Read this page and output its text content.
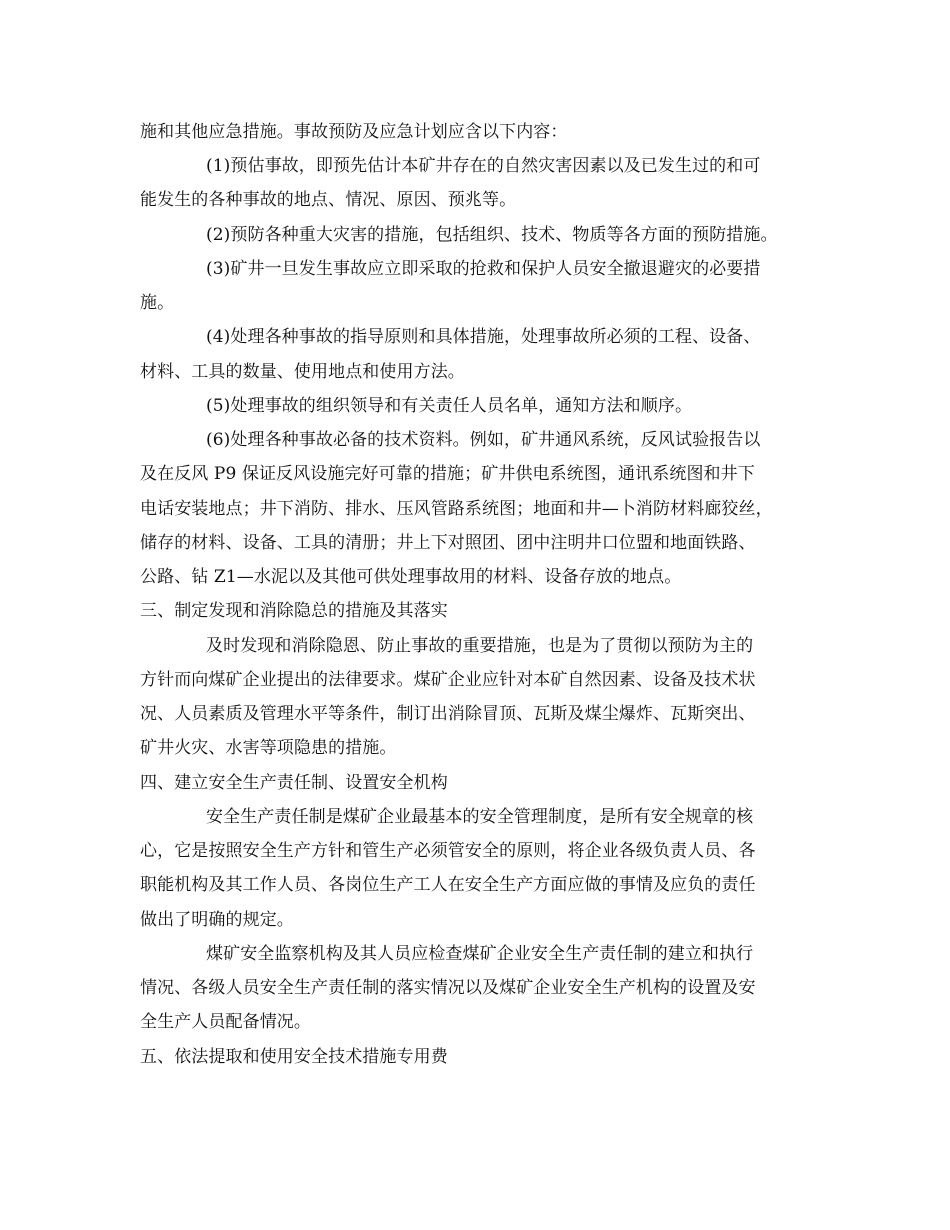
施和其他应急措施。事故预防及应急计划应含以下内容：
(1)预估事故，即预先估计本矿井存在的自然灾害因素以及已发生过的和可
能发生的各种事故的地点、情况、原因、预兆等。
(2)预防各种重大灾害的措施，包括组织、技术、物质等各方面的预防措施。
(3)矿井一旦发生事故应立即采取的抢救和保护人员安全撤退避灾的必要措
施。
(4)处理各种事故的指导原则和具体措施，处理事故所必须的工程、设备、
材料、工具的数量、使用地点和使用方法。
(5)处理事故的组织领导和有关责任人员名单，通知方法和顺序。
(6)处理各种事故必备的技术资料。例如，矿井通风系统，反风试验报告以
及在反风 P9 保证反风设施完好可靠的措施；矿井供电系统图，通讯系统图和井下
电话安装地点；井下消防、排水、压风管路系统图；地面和井—卜消防材料廊狡丝，
储存的材料、设备、工具的清册；井上下对照团、团中注明井口位盟和地面铁路、
公路、钻 Z1—水泥以及其他可供处理事故用的材料、设备存放的地点。
三、制定发现和消除隐总的措施及其落实
及时发现和消除隐恩、防止事故的重要措施，也是为了贯彻以预防为主的
方针而向煤矿企业提出的法律要求。煤矿企业应针对本矿自然因素、设备及技术状
况、人员素质及管理水平等条件，制订出消除冒顶、瓦斯及煤尘爆炸、瓦斯突出、
矿井火灾、水害等项隐患的措施。
四、建立安全生产责任制、设置安全机构
安全生产责任制是煤矿企业最基本的安全管理制度，是所有安全规章的核
心，它是按照安全生产方针和管生产必须管安全的原则，将企业各级负责人员、各
职能机构及其工作人员、各岗位生产工人在安全生产方面应做的事情及应负的责任
做出了明确的规定。
煤矿安全监察机构及其人员应检查煤矿企业安全生产责任制的建立和执行
情况、各级人员安全生产责任制的落实情况以及煤矿企业安全生产机构的设置及安
全生产人员配备情况。
五、依法提取和使用安全技术措施专用费
